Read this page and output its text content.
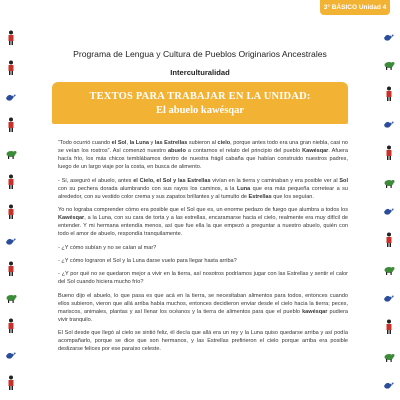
3° BÁSICO Unidad 4
Programa de Lengua y Cultura de Pueblos Originarios Ancestrales
Interculturalidad
TEXTOS PARA TRABAJAR EN LA UNIDAD:
El abuelo kawésqar

“Todo ocurrió cuando el Sol, la Luna y las Estrellas subieron al cielo, porque antes todo era una gran niebla, casi no se veían los rostros”. Así comenzó nuestro abuelo a contarnos el relato del principio del pueblo Kawésqar. Afuera hacía frío, los más chicos temblábamos dentro de nuestra frágil cabaña que habían construido nuestros padres, luego de un largo viaje por la costa, en busca de alimento.

- Sí, aseguró el abuelo, antes el Cielo, el Sol y las Estrellas vivían en la tierra y caminaban y era posible ver al Sol con su pechera dorada alumbrando con sus rayos los caminos, a la Luna que era más pequeña corretear a su alrededor, con su vestido color crema y sus zapatos brillantes y al tumulto de Estrellas que los seguían.

Yo no lograba comprender cómo era posible que el Sol que es, un enorme pedazo de fuego que alumbra a todos los Kawésqar, a la Luna, con su cara de torta y a las estrellas, encaramarse hacia el cielo, realmente era muy difícil de entender. Y mi hermana entendía menos, así que fue ella la que empezó a preguntar a nuestro abuelo, quién con todo el amor de abuelo, respondía tranquilamente.

- ¿Y cómo subían y no se caían al mar?

- ¿Y cómo lograron el Sol y la Luna darse vuelo para llegar hasta arriba?

- ¿Y por qué no se quedaron mejor a vivir en la tierra, así nosotros podríamos jugar con las Estrellas y sentir el calor del Sol cuando hiciera mucho frío?

Bueno dijo el abuelo, lo que pasa es que acá en la tierra, se necesitaban alimentos para todos, entonces cuando ellos subieron, vieron que allá arriba había muchos, entonces decidieron enviar desde el cielo hacia la tierra; peces, mariscos, animales, plantas y así llenar los océanos y la tierra de alimentos para que el pueblo kawésqar pudiera vivir tranquilo.

El Sol desde que llegó al cielo se sintió feliz, él decía que allá era un rey y la Luna quiso quedarse arriba y así podía acompañarlo, porque se dice que son hermanos, y las Estrellas prefirieron el cielo porque arriba era posible deslizarse felices por ese paraíso celeste.
